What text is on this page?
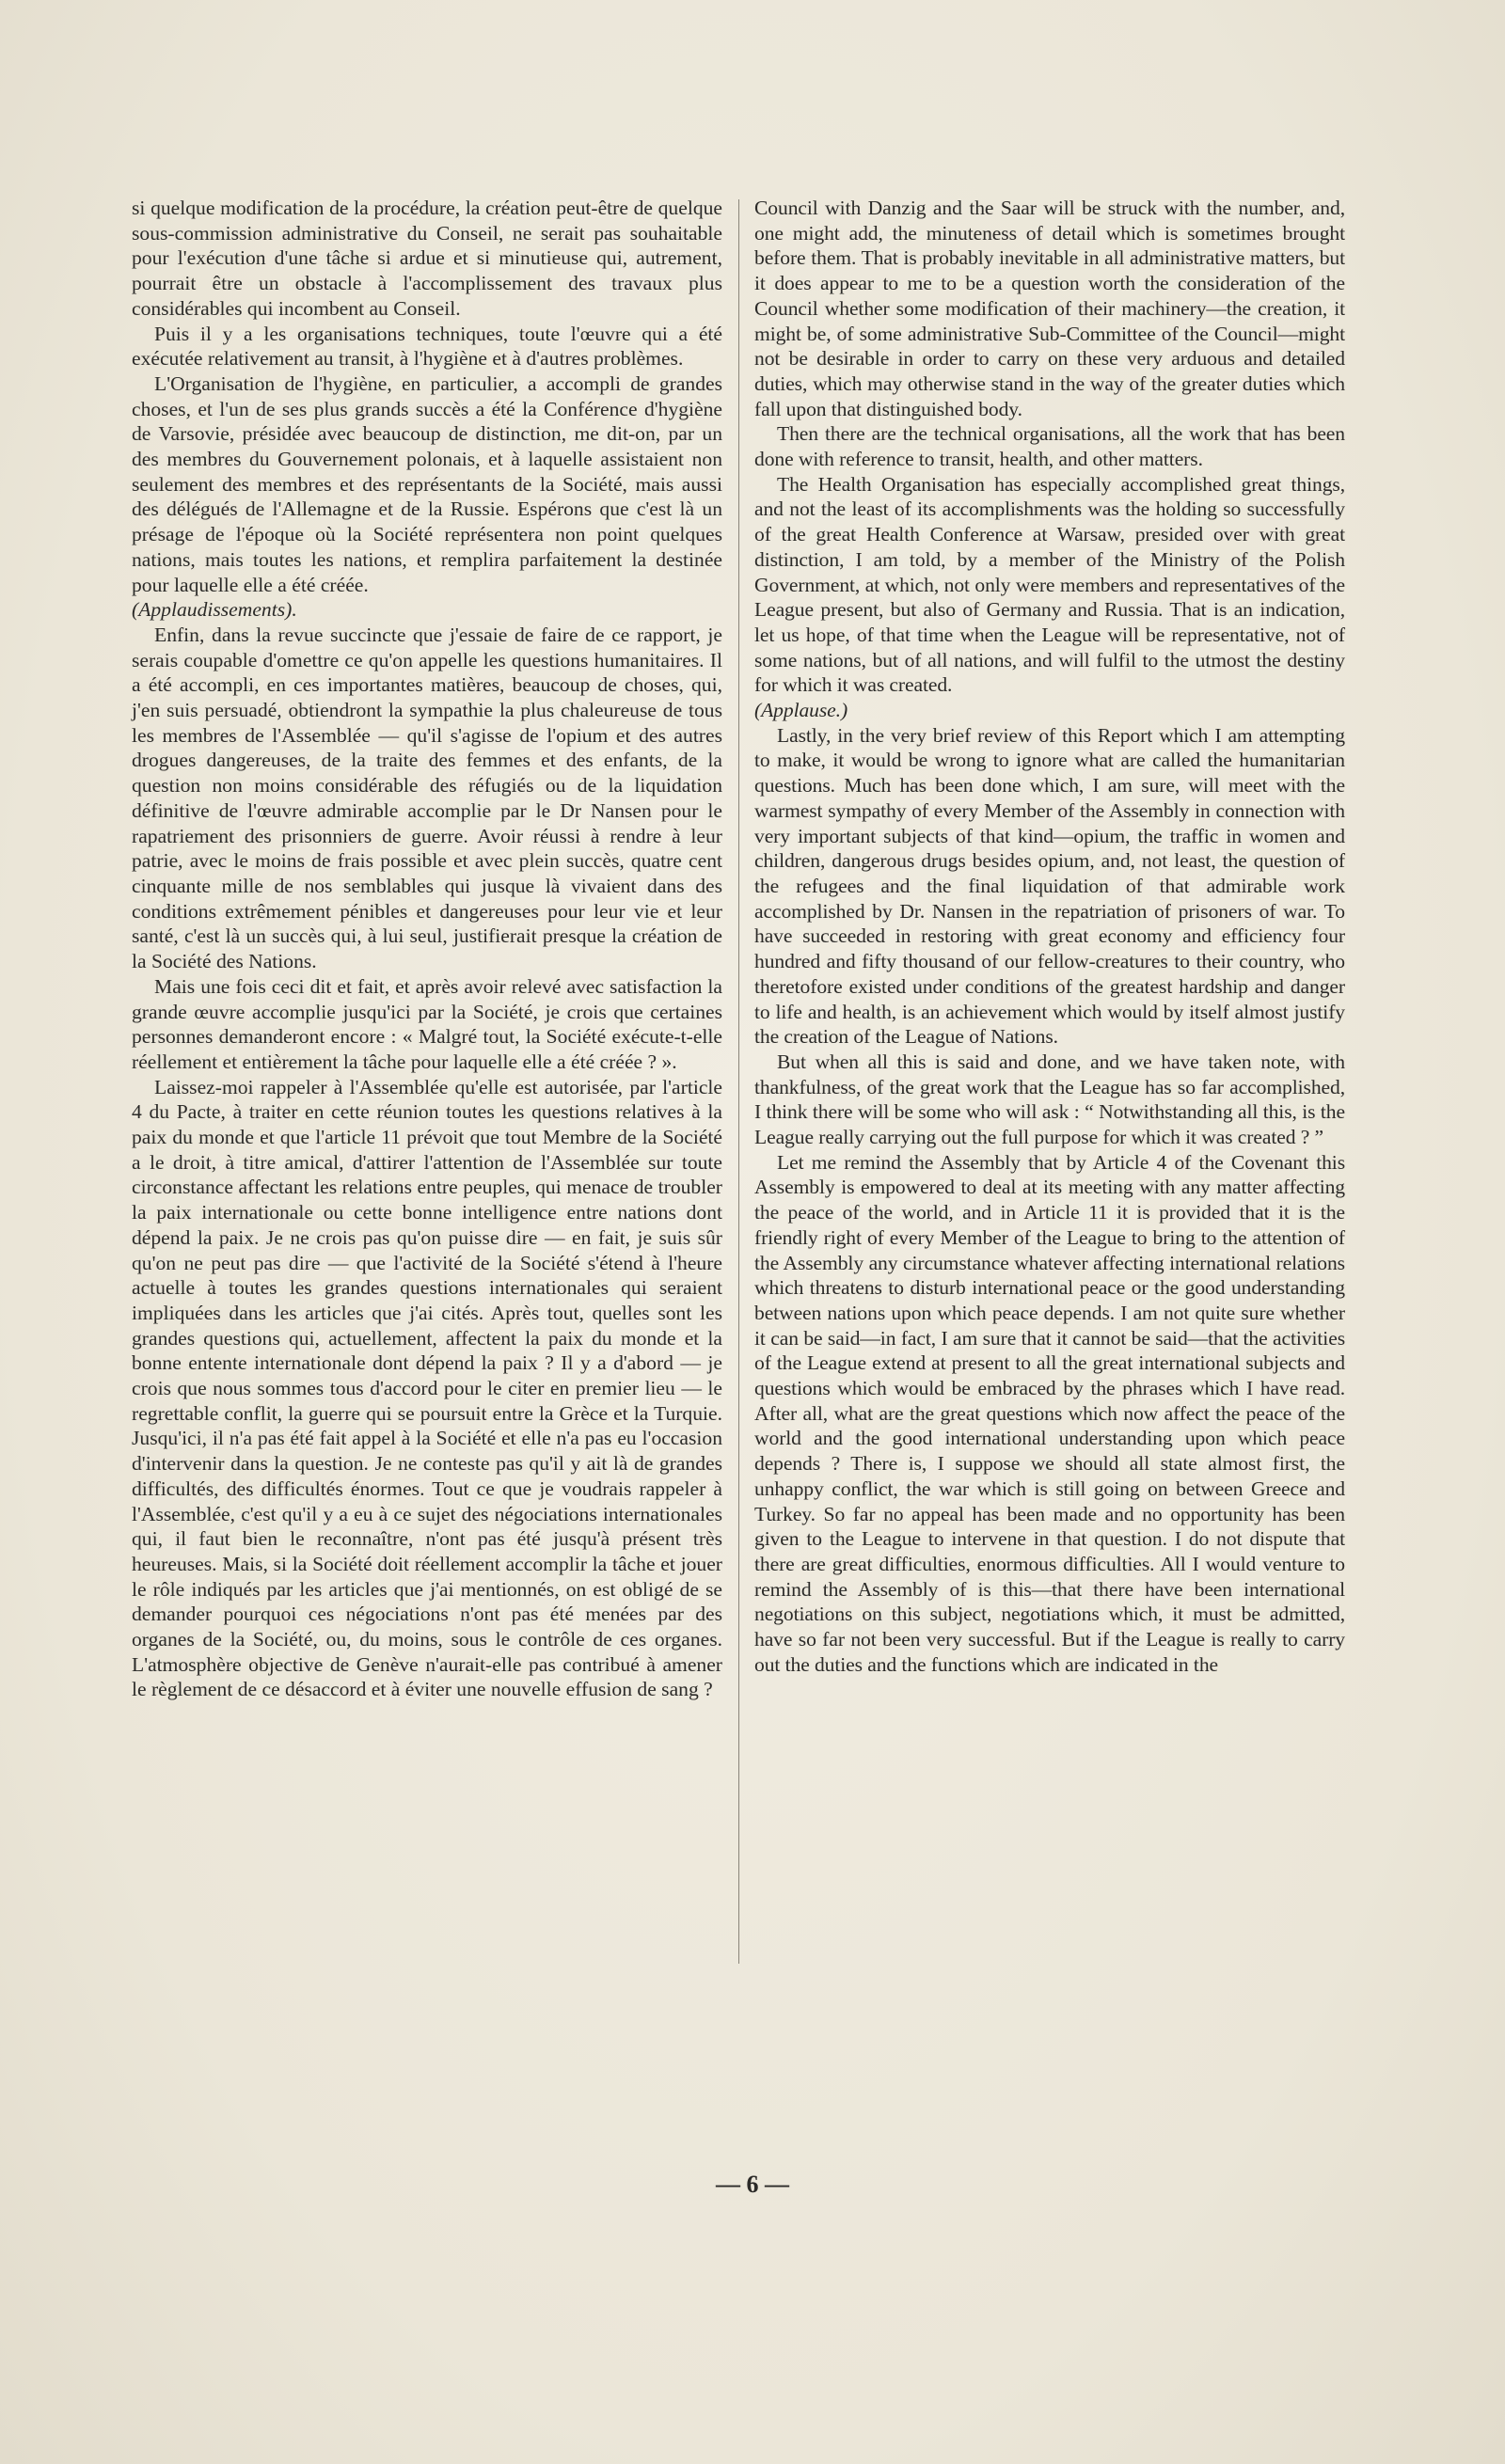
si quelque modification de la procédure, la création peut-être de quelque sous-commission administrative du Conseil, ne serait pas souhaitable pour l'exécution d'une tâche si ardue et si minutieuse qui, autrement, pourrait être un obstacle à l'accomplissement des travaux plus considérables qui incombent au Conseil.

Puis il y a les organisations techniques, toute l'œuvre qui a été exécutée relativement au transit, à l'hygiène et à d'autres problèmes.

L'Organisation de l'hygiène, en particulier, a accompli de grandes choses, et l'un de ses plus grands succès a été la Conférence d'hygiène de Varsovie, présidée avec beaucoup de distinction, me dit-on, par un des membres du Gouvernement polonais, et à laquelle assistaient non seulement des membres et des représentants de la Société, mais aussi des délégués de l'Allemagne et de la Russie. Espérons que c'est là un présage de l'époque où la Société représentera non point quelques nations, mais toutes les nations, et remplira parfaitement la destinée pour laquelle elle a été créée.

(Applaudissements).

Enfin, dans la revue succincte que j'essaie de faire de ce rapport, je serais coupable d'omettre ce qu'on appelle les questions humanitaires. Il a été accompli, en ces importantes matières, beaucoup de choses, qui, j'en suis persuadé, obtiendront la sympathie la plus chaleureuse de tous les membres de l'Assemblée — qu'il s'agisse de l'opium et des autres drogues dangereuses, de la traite des femmes et des enfants, de la question non moins considérable des réfugiés ou de la liquidation définitive de l'œuvre admirable accomplie par le Dr Nansen pour le rapatriement des prisonniers de guerre. Avoir réussi à rendre à leur patrie, avec le moins de frais possible et avec plein succès, quatre cent cinquante mille de nos semblables qui jusque là vivaient dans des conditions extrêmement pénibles et dangereuses pour leur vie et leur santé, c'est là un succès qui, à lui seul, justifierait presque la création de la Société des Nations.

Mais une fois ceci dit et fait, et après avoir relevé avec satisfaction la grande œuvre accomplie jusqu'ici par la Société, je crois que certaines personnes demanderont encore : « Malgré tout, la Société exécute-t-elle réellement et entièrement la tâche pour laquelle elle a été créée ? ».

Laissez-moi rappeler à l'Assemblée qu'elle est autorisée, par l'article 4 du Pacte, à traiter en cette réunion toutes les questions relatives à la paix du monde et que l'article 11 prévoit que tout Membre de la Société a le droit, à titre amical, d'attirer l'attention de l'Assemblée sur toute circonstance affectant les relations entre peuples, qui menace de troubler la paix internationale ou cette bonne intelligence entre nations dont dépend la paix. Je ne crois pas qu'on puisse dire — en fait, je suis sûr qu'on ne peut pas dire — que l'activité de la Société s'étend à l'heure actuelle à toutes les grandes questions internationales qui seraient impliquées dans les articles que j'ai cités. Après tout, quelles sont les grandes questions qui, actuellement, affectent la paix du monde et la bonne entente internationale dont dépend la paix ? Il y a d'abord — je crois que nous sommes tous d'accord pour le citer en premier lieu — le regrettable conflit, la guerre qui se poursuit entre la Grèce et la Turquie. Jusqu'ici, il n'a pas été fait appel à la Société et elle n'a pas eu l'occasion d'intervenir dans la question. Je ne conteste pas qu'il y ait là de grandes difficultés, des difficultés énormes. Tout ce que je voudrais rappeler à l'Assemblée, c'est qu'il y a eu à ce sujet des négociations internationales qui, il faut bien le reconnaître, n'ont pas été jusqu'à présent très heureuses. Mais, si la Société doit réellement accomplir la tâche et jouer le rôle indiqués par les articles que j'ai mentionnés, on est obligé de se demander pourquoi ces négociations n'ont pas été menées par des organes de la Société, ou, du moins, sous le contrôle de ces organes. L'atmosphère objective de Genève n'aurait-elle pas contribué à amener le règlement de ce désaccord et à éviter une nouvelle effusion de sang ?

Council with Danzig and the Saar will be struck with the number, and, one might add, the minuteness of detail which is sometimes brought before them. That is probably inevitable in all administrative matters, but it does appear to me to be a question worth the consideration of the Council whether some modification of their machinery—the creation, it might be, of some administrative Sub-Committee of the Council—might not be desirable in order to carry on these very arduous and detailed duties, which may otherwise stand in the way of the greater duties which fall upon that distinguished body.

Then there are the technical organisations, all the work that has been done with reference to transit, health, and other matters.

The Health Organisation has especially accomplished great things, and not the least of its accomplishments was the holding so successfully of the great Health Conference at Warsaw, presided over with great distinction, I am told, by a member of the Ministry of the Polish Government, at which, not only were members and representatives of the League present, but also of Germany and Russia. That is an indication, let us hope, of that time when the League will be representative, not of some nations, but of all nations, and will fulfil to the utmost the destiny for which it was created.

(Applause.)

Lastly, in the very brief review of this Report which I am attempting to make, it would be wrong to ignore what are called the humanitarian questions. Much has been done which, I am sure, will meet with the warmest sympathy of every Member of the Assembly in connection with very important subjects of that kind—opium, the traffic in women and children, dangerous drugs besides opium, and, not least, the question of the refugees and the final liquidation of that admirable work accomplished by Dr. Nansen in the repatriation of prisoners of war. To have succeeded in restoring with great economy and efficiency four hundred and fifty thousand of our fellow-creatures to their country, who theretofore existed under conditions of the greatest hardship and danger to life and health, is an achievement which would by itself almost justify the creation of the League of Nations.

But when all this is said and done, and we have taken note, with thankfulness, of the great work that the League has so far accomplished, I think there will be some who will ask : “ Notwithstanding all this, is the League really carrying out the full purpose for which it was created ? ”

Let me remind the Assembly that by Article 4 of the Covenant this Assembly is empowered to deal at its meeting with any matter affecting the peace of the world, and in Article 11 it is provided that it is the friendly right of every Member of the League to bring to the attention of the Assembly any circumstance whatever affecting international relations which threatens to disturb international peace or the good understanding between nations upon which peace depends. I am not quite sure whether it can be said—in fact, I am sure that it cannot be said—that the activities of the League extend at present to all the great international subjects and questions which would be embraced by the phrases which I have read. After all, what are the great questions which now affect the peace of the world and the good international understanding upon which peace depends ? There is, I suppose we should all state almost first, the unhappy conflict, the war which is still going on between Greece and Turkey. So far no appeal has been made and no opportunity has been given to the League to intervene in that question. I do not dispute that there are great difficulties, enormous difficulties. All I would venture to remind the Assembly of is this—that there have been international negotiations on this subject, negotiations which, it must be admitted, have so far not been very successful. But if the League is really to carry out the duties and the functions which are indicated in the

— 6 —
